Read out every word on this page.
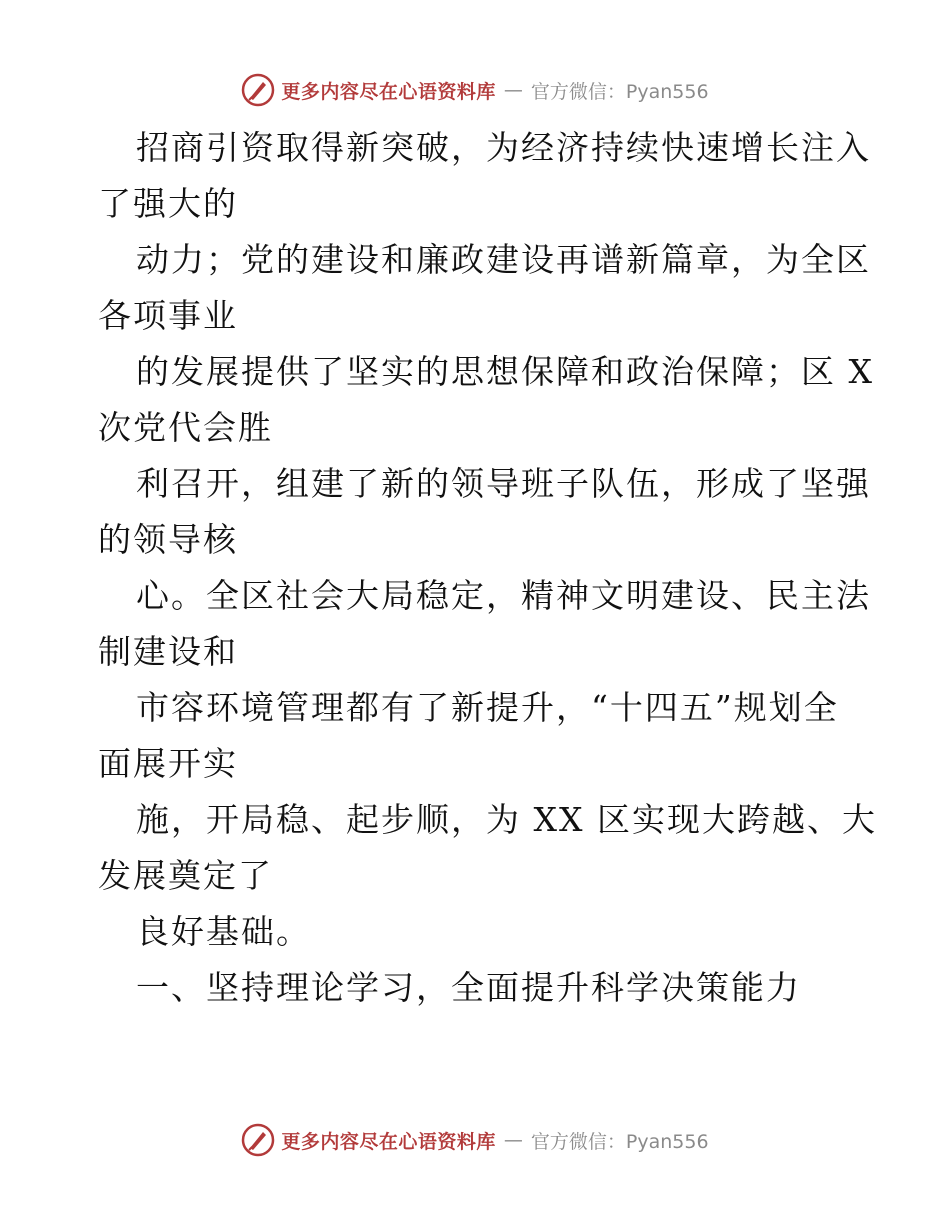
更多内容尽在心语资料库 — 官方微信：Pyan556
招商引资取得新突破，为经济持续快速增长注入
了强大的
动力；党的建设和廉政建设再谱新篇章，为全区
各项事业
的发展提供了坚实的思想保障和政治保障；区 X
次党代会胜
利召开，组建了新的领导班子队伍，形成了坚强
的领导核
心。全区社会大局稳定，精神文明建设、民主法
制建设和
市容环境管理都有了新提升，“十四五”规划全
面展开实
施，开局稳、起步顺，为 XX 区实现大跨越、大
发展奠定了
良好基础。
一、坚持理论学习，全面提升科学决策能力
更多内容尽在心语资料库 — 官方微信：Pyan556
